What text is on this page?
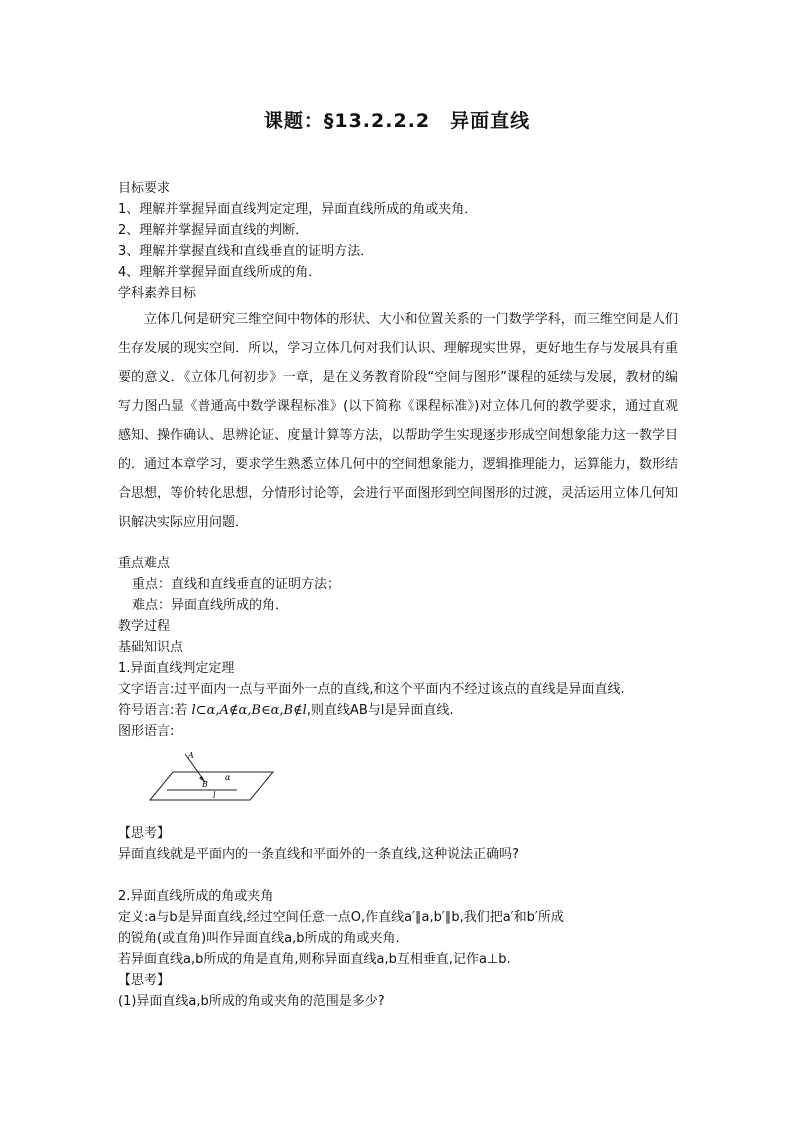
课题：§13.2.2.2　异面直线
目标要求
1、理解并掌握异面直线判定定理，异面直线所成的角或夹角．
2、理解并掌握异面直线的判断．
3、理解并掌握直线和直线垂直的证明方法．
4、理解并掌握异面直线所成的角．
学科素养目标
立体几何是研究三维空间中物体的形状、大小和位置关系的一门数学学科，而三维空间是人们生存发展的现实空间．所以，学习立体几何对我们认识、理解现实世界，更好地生存与发展具有重要的意义．《立体几何初步》一章，是在义务教育阶段“空间与图形”课程的延续与发展，教材的编写力图凸显《普通高中数学课程标准》(以下简称《课程标准》)对立体几何的教学要求，通过直观感知、操作确认、思辨论证、度量计算等方法，以帮助学生实现逐步形成空间想象能力这一教学目的．通过本章学习，要求学生熟悉立体几何中的空间想象能力，逻辑推理能力，运算能力，数形结合思想，等价转化思想，分情形讨论等，会进行平面图形到空间图形的过渡，灵活运用立体几何知识解决实际应用问题．
重点难点
重点：直线和直线垂直的证明方法；
难点：异面直线所成的角．
教学过程
基础知识点
1.异面直线判定定理
文字语言:过平面内一点与平面外一点的直线,和这个平面内不经过该点的直线是异面直线.
符号语言:若 l⊂α,A∉α,B∈α,B∉l,则直线AB与l是异面直线.
图形语言:
A
B
α
l
【思考】
异面直线就是平面内的一条直线和平面外的一条直线,这种说法正确吗?
2.异面直线所成的角或夹角
定义:a与b是异面直线,经过空间任意一点O,作直线a′∥a,b′∥b,我们把a′和b′所成
的锐角(或直角)叫作异面直线a,b所成的角或夹角.
若异面直线a,b所成的角是直角,则称异面直线a,b互相垂直,记作a⊥b.
【思考】
(1)异面直线a,b所成的角或夹角的范围是多少?
